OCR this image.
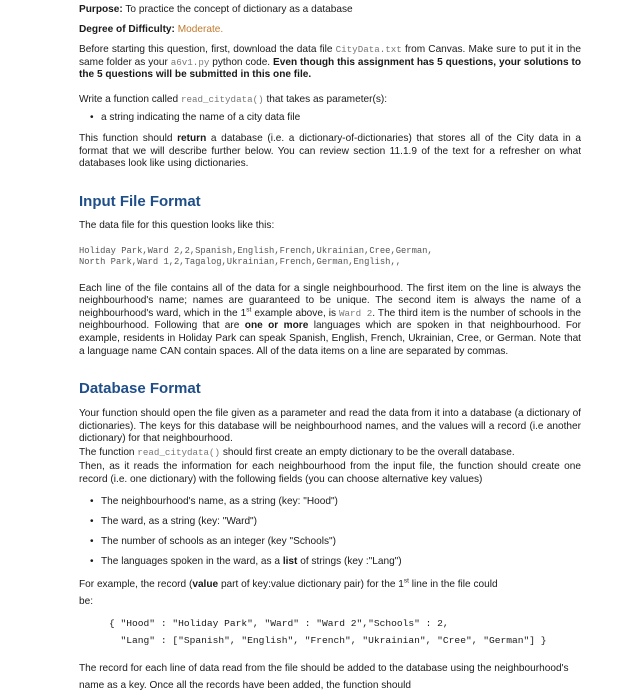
Purpose: To practice the concept of dictionary as a database

Degree of Difficulty: Moderate.

Before starting this question, first, download the data file CityData.txt from Canvas. Make sure to put it in the same folder as your a6v1.py python code. Even though this assignment has 5 questions, your solutions to the 5 questions will be submitted in this one file.

Write a function called read_citydata() that takes as parameter(s):

• a string indicating the name of a city data file

This function should return a database (i.e. a dictionary-of-dictionaries) that stores all of the City data in a format that we will describe further below. You can review section 11.1.9 of the text for a refresher on what databases look like using dictionaries.

Input File Format

The data file for this question looks like this:

Holiday Park,Ward 2,2,Spanish,English,French,Ukrainian,Cree,German,
North Park,Ward 1,2,Tagalog,Ukrainian,French,German,English,,

Each line of the file contains all of the data for a single neighbourhood. The first item on the line is always the neighbourhood's name; names are guaranteed to be unique. The second item is always the name of a neighbourhood's ward, which in the 1st example above, is Ward 2. The third item is the number of schools in the neighbourhood. Following that are one or more languages which are spoken in that neighbourhood. For example, residents in Holiday Park can speak Spanish, English, French, Ukrainian, Cree, or German. Note that a language name CAN contain spaces. All of the data items on a line are separated by commas.

Database Format

Your function should open the file given as a parameter and read the data from it into a database (a dictionary of dictionaries). The keys for this database will be neighbourhood names, and the values will a record (i.e another dictionary) for that neighbourhood.

The function read_citydata() should first create an empty dictionary to be the overall database.

Then, as it reads the information for each neighbourhood from the input file, the function should create one record (i.e. one dictionary) with the following fields (you can choose alternative key values)

• The neighbourhood's name, as a string (key: "Hood")
• The ward, as a string (key: "Ward")
• The number of schools as an integer (key "Schools")
• The languages spoken in the ward, as a list of strings (key :"Lang")

For example, the record (value part of key:value dictionary pair) for the 1st line in the file could
be:

{ "Hood" : "Holiday Park", "Ward" : "Ward 2","Schools" : 2,
"Lang" : ["Spanish", "English", "French", "Ukrainian", "Cree", "German"] }

The record for each line of data read from the file should be added to the database using the neighbourhood's name as a key. Once all the records have been added, the function should
